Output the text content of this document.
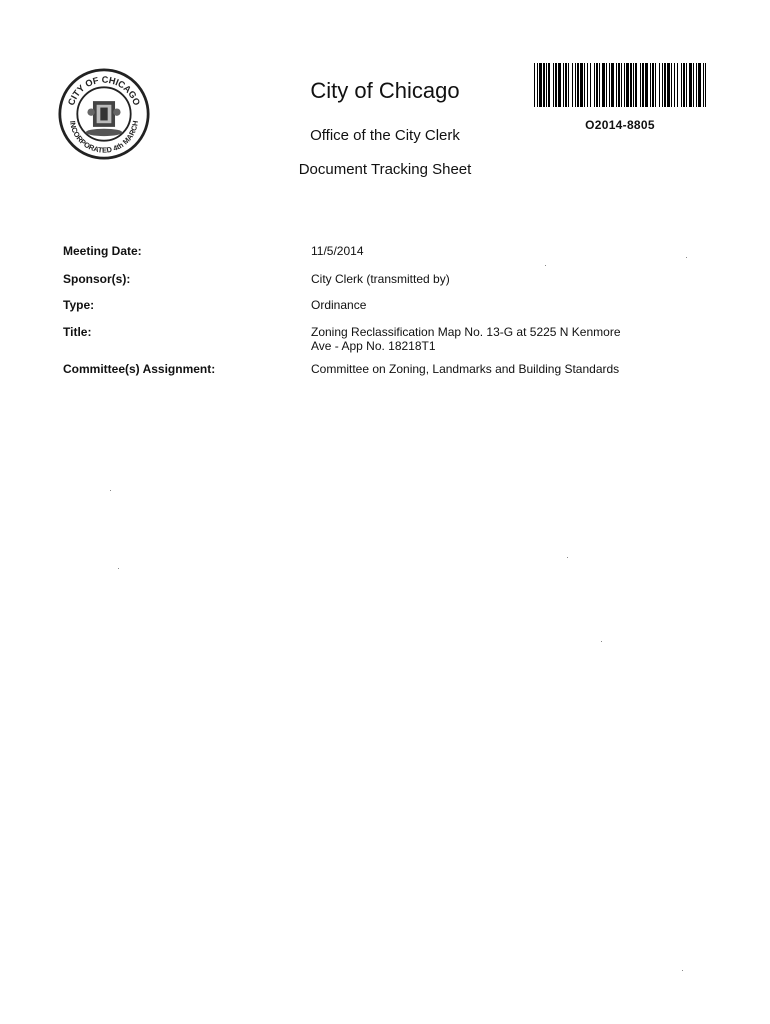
CITY OF CHICAGO
INCORPORATED 4th MARCH
City of Chicago
Office of the City Clerk
Document Tracking Sheet
O2014-8805
Meeting Date:
Sponsor(s):
Type:
Title:
Committee(s) Assignment:
11/5/2014
City Clerk (transmitted by)
Ordinance
Zoning Reclassification Map No. 13-G at 5225 N Kenmore
Ave - App No. 18218T1
Committee on Zoning, Landmarks and Building Standards
